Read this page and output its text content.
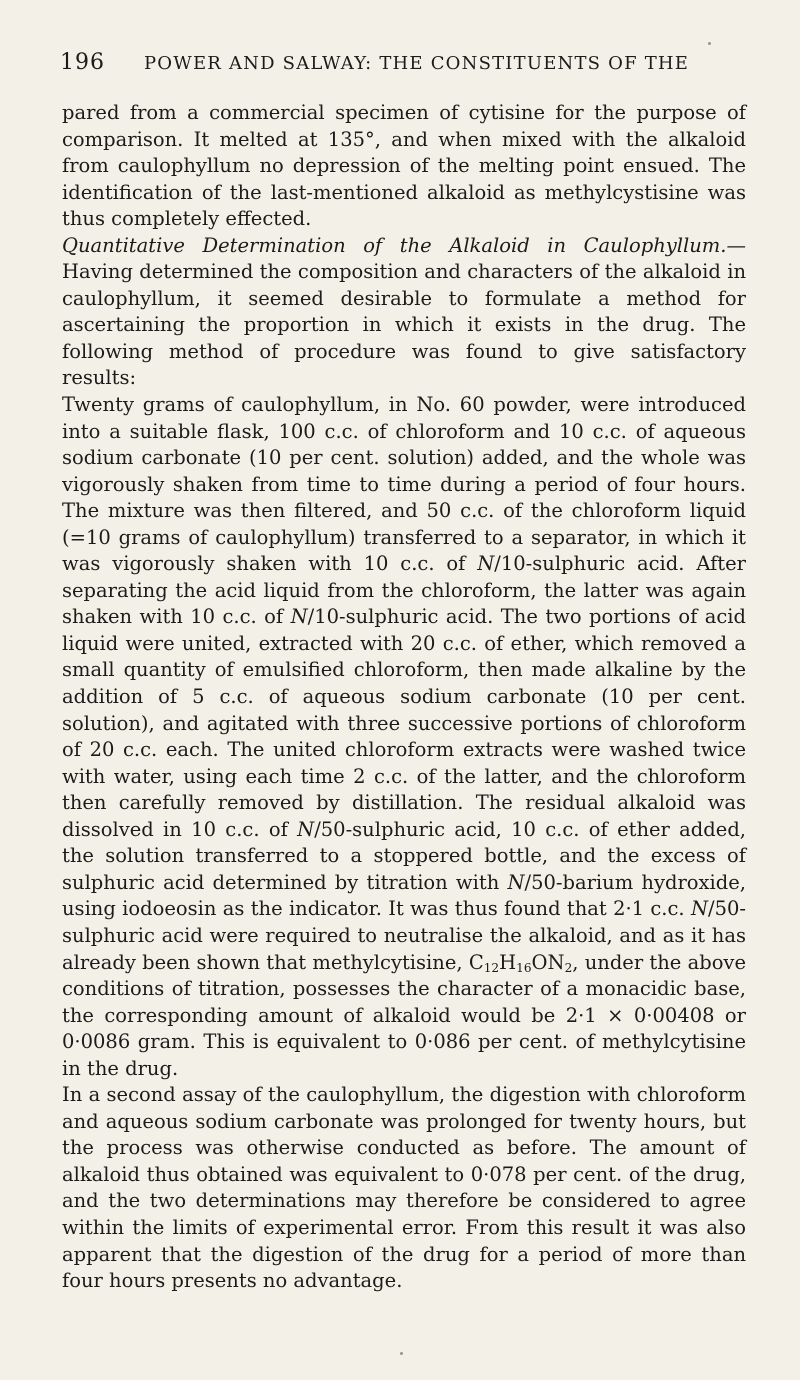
196 POWER AND SALWAY: THE CONSTITUENTS OF THE

pared from a commercial specimen of cytisine for the purpose of comparison. It melted at 135°, and when mixed with the alkaloid from caulophyllum no depression of the melting point ensued. The identification of the last-mentioned alkaloid as methylcystisine was thus completely effected.

Quantitative Determination of the Alkaloid in Caulophyllum.— Having determined the composition and characters of the alkaloid in caulophyllum, it seemed desirable to formulate a method for ascertaining the proportion in which it exists in the drug. The following method of procedure was found to give satisfactory results:

Twenty grams of caulophyllum, in No. 60 powder, were introduced into a suitable flask, 100 c.c. of chloroform and 10 c.c. of aqueous sodium carbonate (10 per cent. solution) added, and the whole was vigorously shaken from time to time during a period of four hours. The mixture was then filtered, and 50 c.c. of the chloroform liquid (=10 grams of caulophyllum) transferred to a separator, in which it was vigorously shaken with 10 c.c. of N/10-sulphuric acid. After separating the acid liquid from the chloroform, the latter was again shaken with 10 c.c. of N/10-sulphuric acid. The two portions of acid liquid were united, extracted with 20 c.c. of ether, which removed a small quantity of emulsified chloroform, then made alkaline by the addition of 5 c.c. of aqueous sodium carbonate (10 per cent. solution), and agitated with three successive portions of chloroform of 20 c.c. each. The united chloroform extracts were washed twice with water, using each time 2 c.c. of the latter, and the chloroform then carefully removed by distillation. The residual alkaloid was dissolved in 10 c.c. of N/50-sulphuric acid, 10 c.c. of ether added, the solution transferred to a stoppered bottle, and the excess of sulphuric acid determined by titration with N/50-barium hydroxide, using iodoeosin as the indicator. It was thus found that 2·1 c.c. N/50-sulphuric acid were required to neutralise the alkaloid, and as it has already been shown that methylcytisine, $C_{12}H_{16}ON_2$, under the above conditions of titration, possesses the character of a monacidic base, the corresponding amount of alkaloid would be 2·1 × 0·00408 or 0·0086 gram. This is equivalent to 0·086 per cent. of methylcytisine in the drug.

In a second assay of the caulophyllum, the digestion with chloroform and aqueous sodium carbonate was prolonged for twenty hours, but the process was otherwise conducted as before. The amount of alkaloid thus obtained was equivalent to 0·078 per cent. of the drug, and the two determinations may therefore be considered to agree within the limits of experimental error. From this result it was also apparent that the digestion of the drug for a period of more than four hours presents no advantage.
